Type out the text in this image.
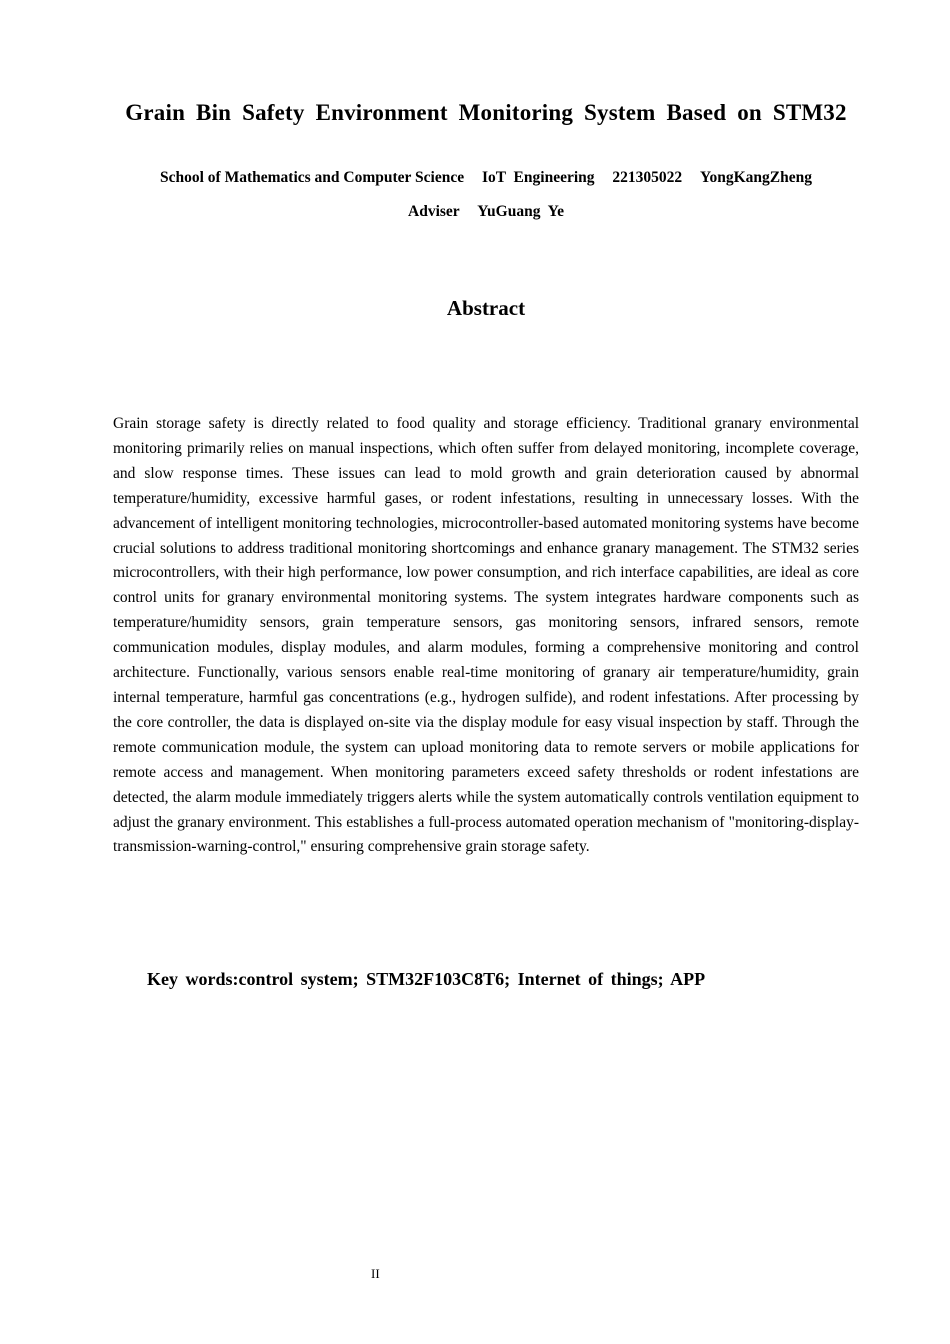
Grain Bin Safety Environment Monitoring System Based on STM32
School of Mathematics and Computer Science IoT  Engineering 221305022 YongKangZheng
Adviser YuGuang  Ye
Abstract

Grain storage safety is directly related to food quality and storage efficiency. Traditional granary environmental monitoring primarily relies on manual inspections, which often suffer from delayed monitoring, incomplete coverage, and slow response times. These issues can lead to mold growth and grain deterioration caused by abnormal temperature/humidity, excessive harmful gases, or rodent infestations, resulting in unnecessary losses. With the advancement of intelligent monitoring technologies, microcontroller-based automated monitoring systems have become crucial solutions to address traditional monitoring shortcomings and enhance granary management. The STM32 series microcontrollers, with their high performance, low power consumption, and rich interface capabilities, are ideal as core control units for granary environmental monitoring systems. The system integrates hardware components such as temperature/humidity sensors, grain temperature sensors, gas monitoring sensors, infrared sensors, remote communication modules, display modules, and alarm modules, forming a comprehensive monitoring and control architecture. Functionally, various sensors enable real-time monitoring of granary air temperature/humidity, grain internal temperature, harmful gas concentrations (e.g., hydrogen sulfide), and rodent infestations. After processing by the core controller, the data is displayed on-site via the display module for easy visual inspection by staff. Through the remote communication module, the system can upload monitoring data to remote servers or mobile applications for remote access and management. When monitoring parameters exceed safety thresholds or rodent infestations are detected, the alarm module immediately triggers alerts while the system automatically controls ventilation equipment to adjust the granary environment. This establishes a full-process automated operation mechanism of "monitoring-display-transmission-warning-control," ensuring comprehensive grain storage safety.

Key words:control system; STM32F103C8T6; Internet of things; APP
II
